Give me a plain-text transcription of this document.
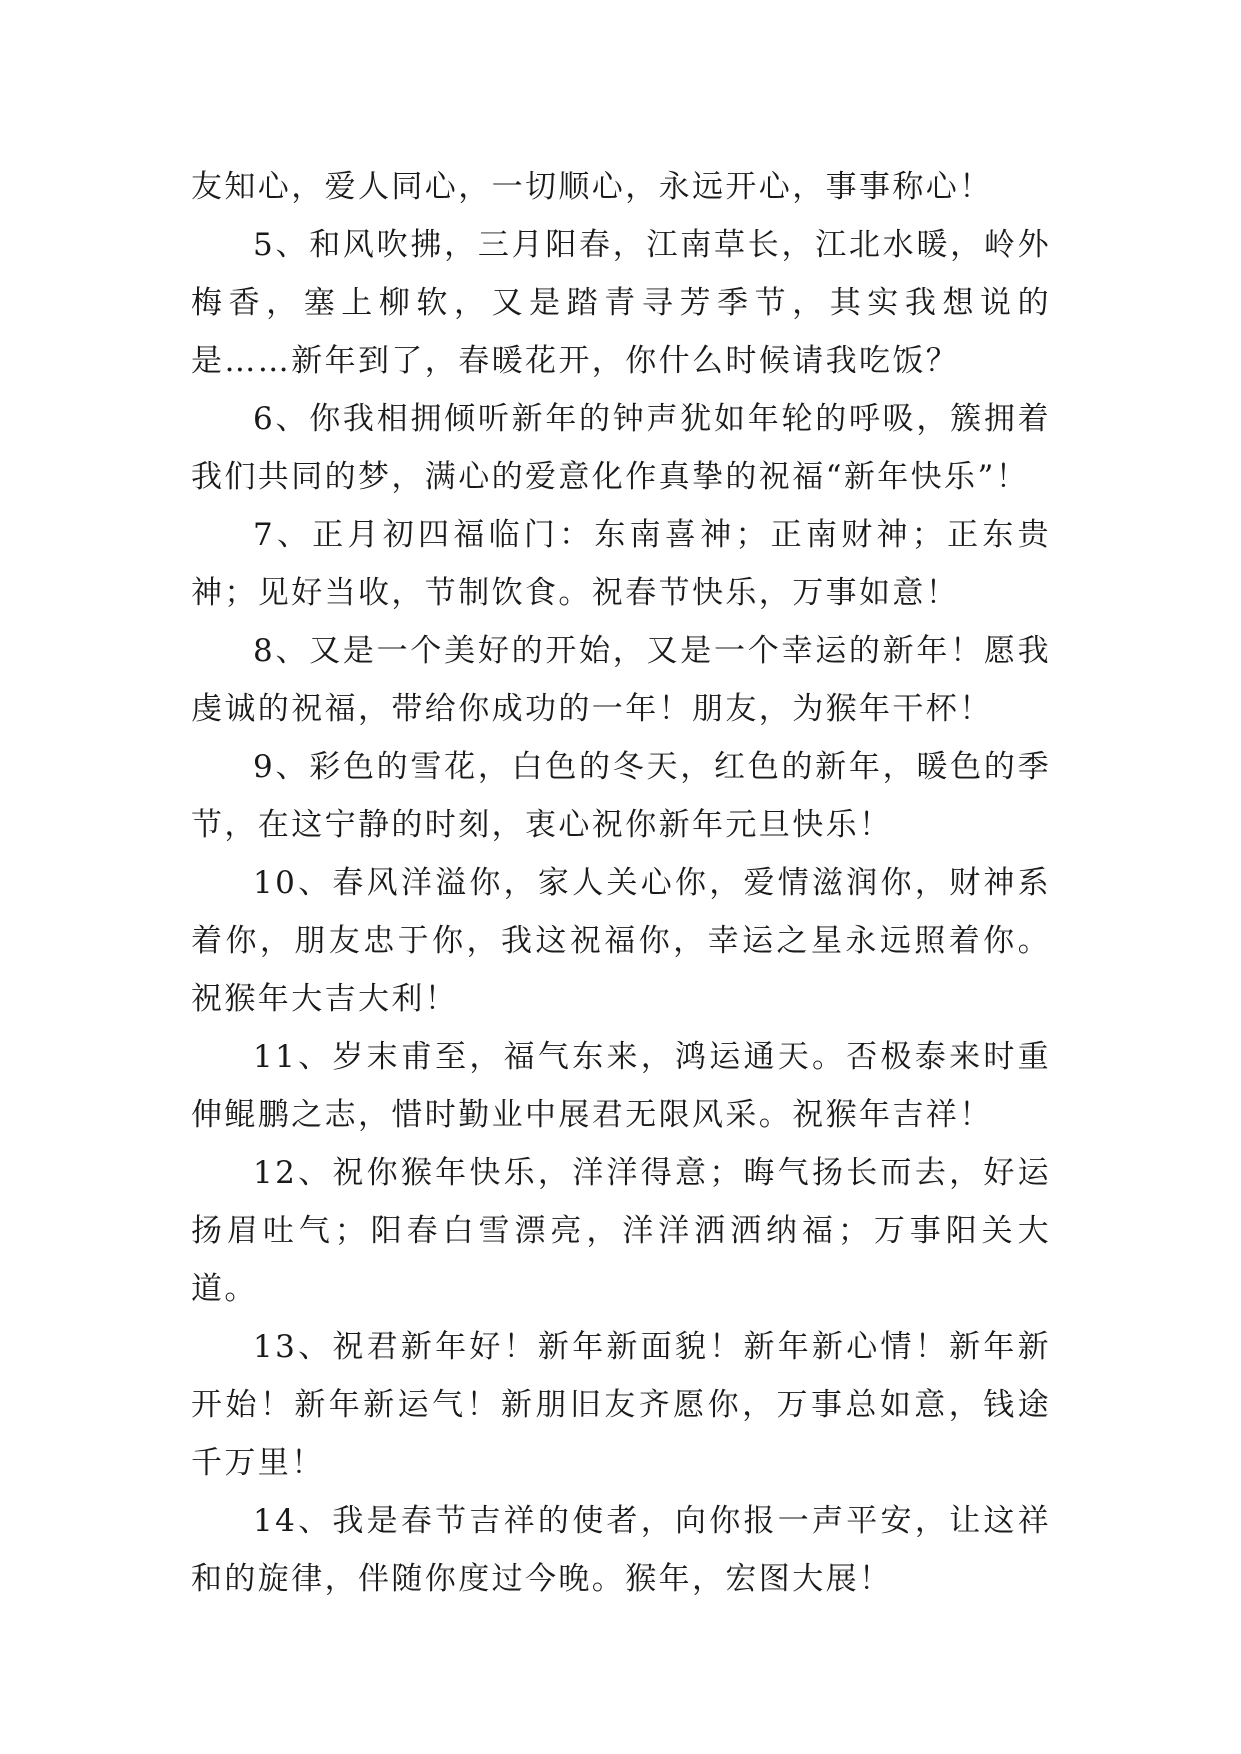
友知心，爱人同心，一切顺心，永远开心，事事称心！

5、和风吹拂，三月阳春，江南草长，江北水暖，岭外梅香，塞上柳软，又是踏青寻芳季节，其实我想说的是……新年到了，春暖花开，你什么时候请我吃饭？

6、你我相拥倾听新年的钟声犹如年轮的呼吸，簇拥着我们共同的梦，满心的爱意化作真挚的祝福“新年快乐”！

7、正月初四福临门：东南喜神；正南财神；正东贵神；见好当收，节制饮食。祝春节快乐，万事如意！

8、又是一个美好的开始，又是一个幸运的新年！愿我虔诚的祝福，带给你成功的一年！朋友，为猴年干杯！

9、彩色的雪花，白色的冬天，红色的新年，暖色的季节，在这宁静的时刻，衷心祝你新年元旦快乐！

10、春风洋溢你，家人关心你，爱情滋润你，财神系着你，朋友忠于你，我这祝福你，幸运之星永远照着你。祝猴年大吉大利！

11、岁末甫至，福气东来，鸿运通天。否极泰来时重伸鲲鹏之志，惜时勤业中展君无限风采。祝猴年吉祥！

12、祝你猴年快乐，洋洋得意；晦气扬长而去，好运扬眉吐气；阳春白雪漂亮，洋洋洒洒纳福；万事阳关大道。

13、祝君新年好！新年新面貌！新年新心情！新年新开始！新年新运气！新朋旧友齐愿你，万事总如意，钱途千万里！

14、我是春节吉祥的使者，向你报一声平安，让这祥和的旋律，伴随你度过今晚。猴年，宏图大展！
